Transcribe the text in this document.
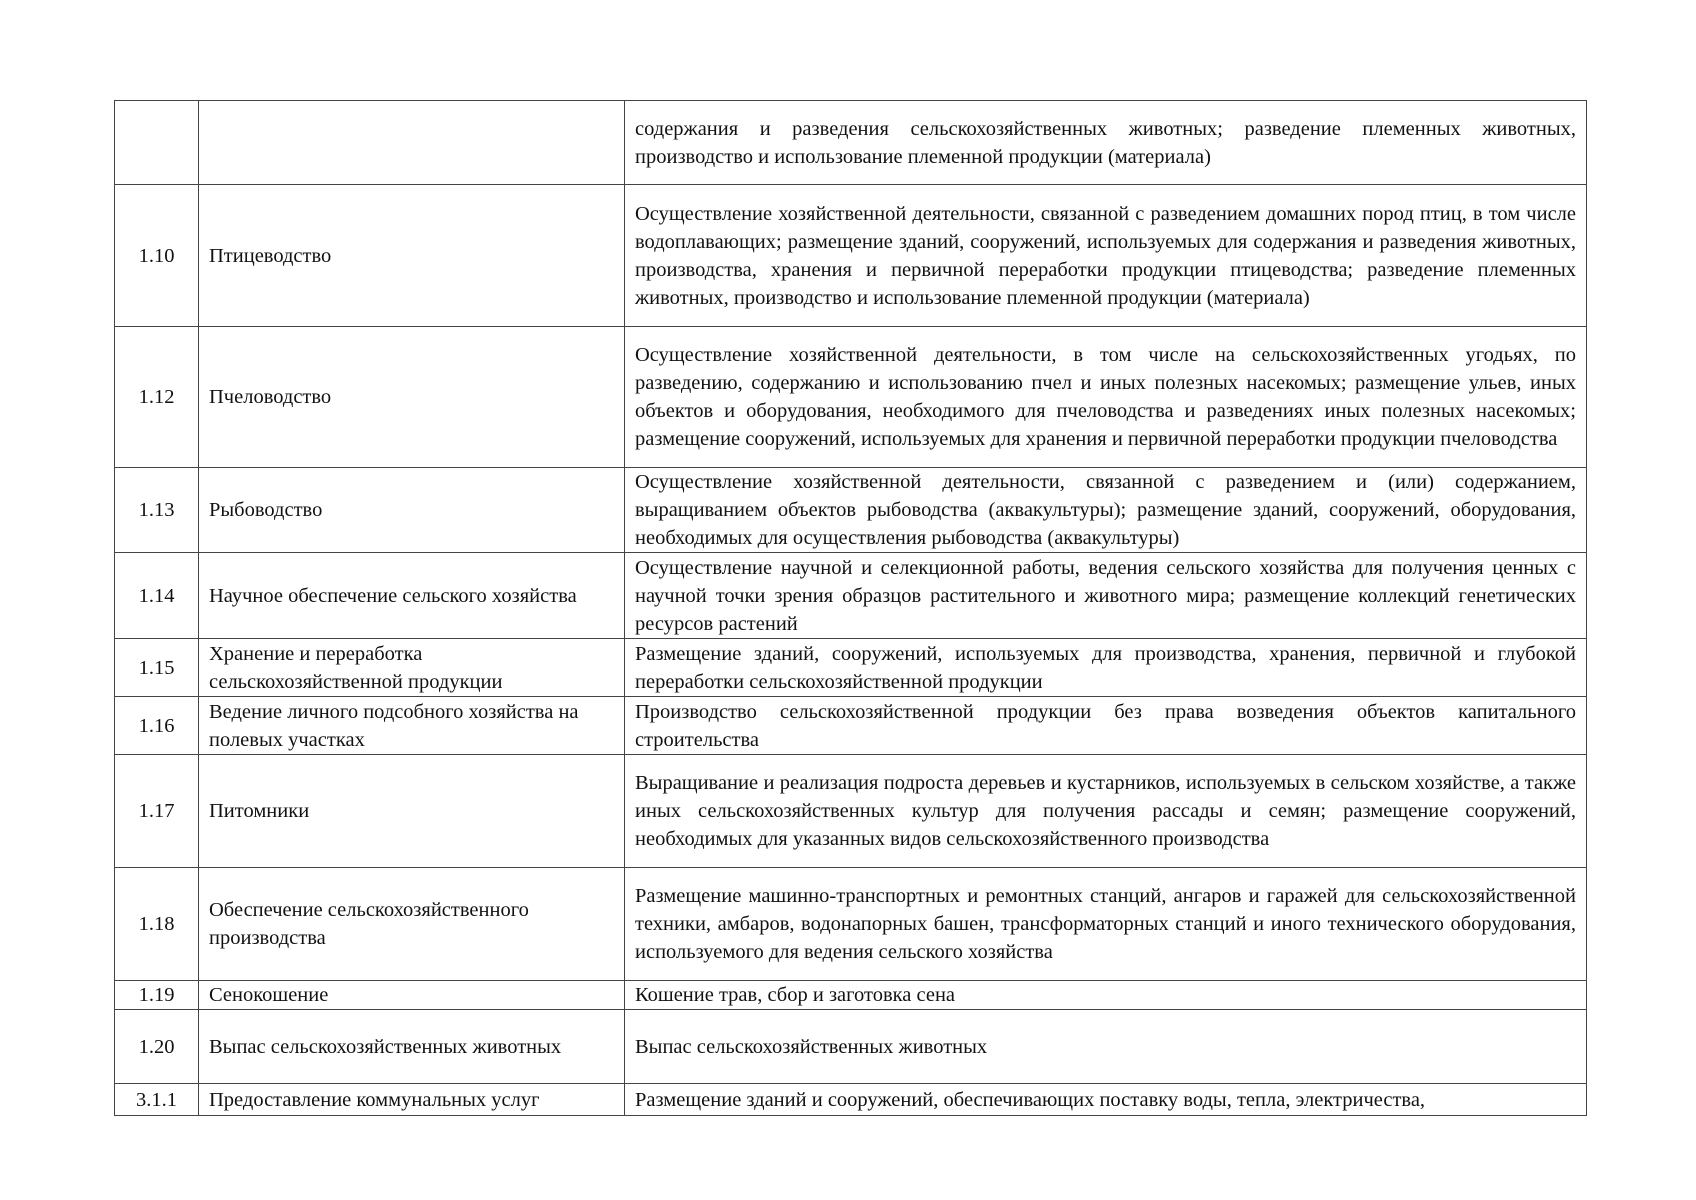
		содержания и разведения сельскохозяйственных животных; разведение племенных животных, производство и использование племенной продукции (материала)
1.10	Птицеводство	Осуществление хозяйственной деятельности, связанной с разведением домашних пород птиц, в том числе водоплавающих; размещение зданий, сооружений, используемых для содержания и разведения животных, производства, хранения и первичной переработки продукции птицеводства; разведение племенных животных, производство и использование племенной продукции (материала)
1.12	Пчеловодство	Осуществление хозяйственной деятельности, в том числе на сельскохозяйственных угодьях, по разведению, содержанию и использованию пчел и иных полезных насекомых; размещение ульев, иных объектов и оборудования, необходимого для пчеловодства и разведениях иных полезных насекомых; размещение сооружений, используемых для хранения и первичной переработки продукции пчеловодства
1.13	Рыбоводство	Осуществление хозяйственной деятельности, связанной с разведением и (или) содержанием, выращиванием объектов рыбоводства (аквакультуры); размещение зданий, сооружений, оборудования, необходимых для осуществления рыбоводства (аквакультуры)
1.14	Научное обеспечение сельского хозяйства	Осуществление научной и селекционной работы, ведения сельского хозяйства для получения ценных с научной точки зрения образцов растительного и животного мира; размещение коллекций генетических ресурсов растений
1.15	Хранение и переработка сельскохозяйственной продукции	Размещение зданий, сооружений, используемых для производства, хранения, первичной и глубокой переработки сельскохозяйственной продукции
1.16	Ведение личного подсобного хозяйства на полевых участках	Производство сельскохозяйственной продукции без права возведения объектов капитального строительства
1.17	Питомники	Выращивание и реализация подроста деревьев и кустарников, используемых в сельском хозяйстве, а также иных сельскохозяйственных культур для получения рассады и семян; размещение сооружений, необходимых для указанных видов сельскохозяйственного производства
1.18	Обеспечение сельскохозяйственного производства	Размещение машинно-транспортных и ремонтных станций, ангаров и гаражей для сельскохозяйственной техники, амбаров, водонапорных башен, трансформаторных станций и иного технического оборудования, используемого для ведения сельского хозяйства
1.19	Сенокошение	Кошение трав, сбор и заготовка сена
1.20	Выпас сельскохозяйственных животных	Выпас сельскохозяйственных животных
3.1.1	Предоставление коммунальных услуг	Размещение зданий и сооружений, обеспечивающих поставку воды, тепла, электричества,
